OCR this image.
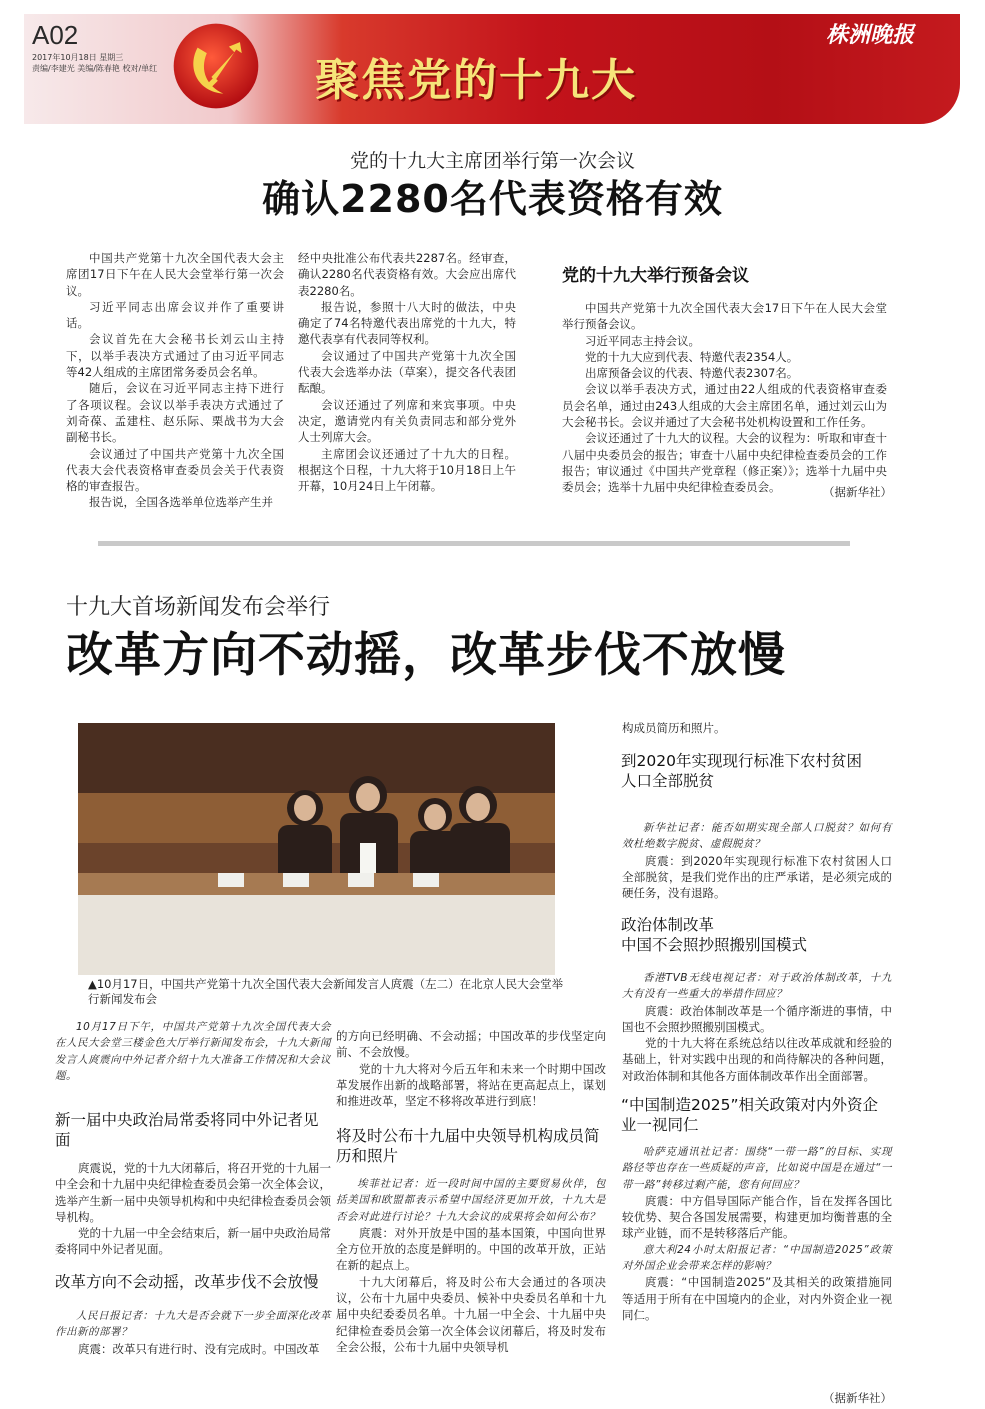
A02
2017年10月18日 星期三
责编/李建光 美编/陈春艳 校对/单红	聚焦党的十九大
株洲晚报
党的十九大主席团举行第一次会议
确认2280名代表资格有效

中国共产党第十九次全国代表大会主席团17日下午在人民大会堂举行第一次会议。

习近平同志出席会议并作了重要讲话。

会议首先在大会秘书长刘云山主持下，以举手表决方式通过了由习近平同志等42人组成的主席团常务委员会名单。

随后，会议在习近平同志主持下进行了各项议程。会议以举手表决方式通过了刘奇葆、孟建柱、赵乐际、栗战书为大会副秘书长。

会议通过了中国共产党第十九次全国代表大会代表资格审查委员会关于代表资格的审查报告。

报告说，全国各选举单位选举产生并

经中央批准公布代表共2287名。经审查，确认2280名代表资格有效。大会应出席代表2280名。

报告说，参照十八大时的做法，中央确定了74名特邀代表出席党的十九大，特邀代表享有代表同等权利。

会议通过了中国共产党第十九次全国代表大会选举办法（草案），提交各代表团酝酿。

会议还通过了列席和来宾事项。中央决定，邀请党内有关负责同志和部分党外人士列席大会。

主席团会议还通过了十九大的日程。根据这个日程，十九大将于10月18日上午开幕，10月24日上午闭幕。

党的十九大举行预备会议

中国共产党第十九次全国代表大会17日下午在人民大会堂举行预备会议。

习近平同志主持会议。

党的十九大应到代表、特邀代表2354人。

出席预备会议的代表、特邀代表2307名。

会议以举手表决方式，通过由22人组成的代表资格审查委员会名单，通过由243人组成的大会主席团名单，通过刘云山为大会秘书长。会议并通过了大会秘书处机构设置和工作任务。

会议还通过了十九大的议程。大会的议程为：听取和审查十八届中央委员会的报告；审查十八届中央纪律检查委员会的工作报告；审议通过《中国共产党章程（修正案）》；选举十九届中央委员会；选举十九届中央纪律检查委员会。	（据新华社）
十九大首场新闻发布会举行
改革方向不动摇，改革步伐不放慢
▲10月17日，中国共产党第十九次全国代表大会新闻发言人庹震（左二）在北京人民大会堂举行新闻发布会

10月17日下午，中国共产党第十九次全国代表大会在人民大会堂三楼金色大厅举行新闻发布会，十九大新闻发言人庹震向中外记者介绍十九大准备工作情况和大会议题。

新一届中央政治局常委将同中外记者见面

庹震说，党的十九大闭幕后，将召开党的十九届一中全会和十九届中央纪律检查委员会第一次全体会议，选举产生新一届中央领导机构和中央纪律检查委员会领导机构。

党的十九届一中全会结束后，新一届中央政治局常委将同中外记者见面。

改革方向不会动摇，改革步伐不会放慢

人民日报记者：十九大是否会就下一步全面深化改革作出新的部署？

庹震：改革只有进行时、没有完成时。中国改革

的方向已经明确、不会动摇；中国改革的步伐坚定向前、不会放慢。

党的十九大将对今后五年和未来一个时期中国改革发展作出新的战略部署，将站在更高起点上，谋划和推进改革，坚定不移将改革进行到底！

将及时公布十九届中央领导机构成员简历和照片

埃菲社记者：近一段时间中国的主要贸易伙伴，包括美国和欧盟都表示希望中国经济更加开放，十九大是否会对此进行讨论？十九大会议的成果将会如何公布？

庹震：对外开放是中国的基本国策，中国向世界全方位开放的态度是鲜明的。中国的改革开放，正站在新的起点上。

十九大闭幕后，将及时公布大会通过的各项决议，公布十九届中央委员、候补中央委员名单和十九届中央纪委委员名单。十九届一中全会、十九届中央纪律检查委员会第一次全体会议闭幕后，将及时发布全会公报，公布十九届中央领导机

构成员简历和照片。

到2020年实现现行标准下农村贫困
人口全部脱贫

新华社记者：能否如期实现全部人口脱贫？如何有效杜绝数字脱贫、虚假脱贫？

庹震：到2020年实现现行标准下农村贫困人口全部脱贫，是我们党作出的庄严承诺，是必须完成的硬任务，没有退路。

政治体制改革
中国不会照抄照搬别国模式

香港TVB无线电视记者：对于政治体制改革，十九大有没有一些重大的举措作回应？

庹震：政治体制改革是一个循序渐进的事情，中国也不会照抄照搬别国模式。

党的十九大将在系统总结以往改革成就和经验的基础上，针对实践中出现的和尚待解决的各种问题，对政治体制和其他各方面体制改革作出全面部署。

“中国制造2025”相关政策对内外资企
业一视同仁

哈萨克通讯社记者：围绕“一带一路”的目标、实现路径等也存在一些质疑的声音，比如说中国是在通过“一带一路”转移过剩产能，您有何回应？

庹震：中方倡导国际产能合作，旨在发挥各国比较优势、契合各国发展需要，构建更加均衡普惠的全球产业链，而不是转移落后产能。

意大利24小时太阳报记者：“中国制造2025”政策对外国企业会带来怎样的影响？

庹震：“中国制造2025”及其相关的政策措施同等适用于所有在中国境内的企业，对内外资企业一视同仁。

（据新华社）
